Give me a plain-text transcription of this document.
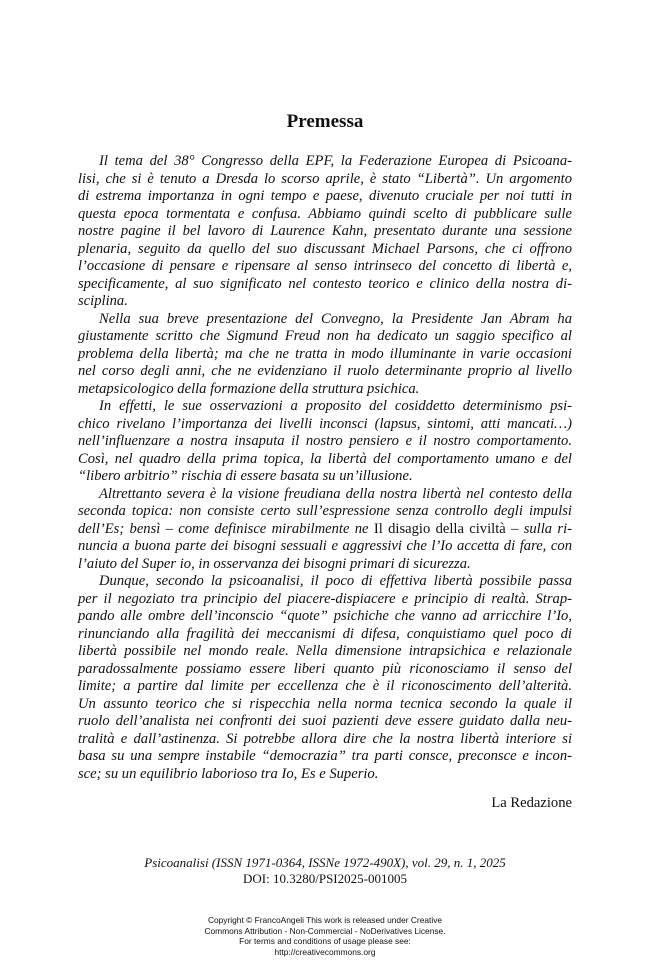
Premessa
Il tema del 38° Congresso della EPF, la Federazione Europea di Psicoana-
lisi, che si è tenuto a Dresda lo scorso aprile, è stato “Libertà”. Un argomento
di estrema importanza in ogni tempo e paese, divenuto cruciale per noi tutti in
questa epoca tormentata e confusa. Abbiamo quindi scelto di pubblicare sulle
nostre pagine il bel lavoro di Laurence Kahn, presentato durante una sessione
plenaria, seguito da quello del suo discussant Michael Parsons, che ci offrono
l’occasione di pensare e ripensare al senso intrinseco del concetto di libertà e,
specificamente, al suo significato nel contesto teorico e clinico della nostra di-
sciplina.
Nella sua breve presentazione del Convegno, la Presidente Jan Abram ha
giustamente scritto che Sigmund Freud non ha dedicato un saggio specifico al
problema della libertà; ma che ne tratta in modo illuminante in varie occasioni
nel corso degli anni, che ne evidenziano il ruolo determinante proprio al livello
metapsicologico della formazione della struttura psichica.
In effetti, le sue osservazioni a proposito del cosiddetto determinismo psi-
chico rivelano l’importanza dei livelli inconsci (lapsus, sintomi, atti mancati…)
nell’influenzare a nostra insaputa il nostro pensiero e il nostro comportamento.
Così, nel quadro della prima topica, la libertà del comportamento umano e del
“libero arbitrio” rischia di essere basata su un’illusione.
Altrettanto severa è la visione freudiana della nostra libertà nel contesto della
seconda topica: non consiste certo sull’espressione senza controllo degli impulsi
dell’Es; bensì – come definisce mirabilmente ne Il disagio della civiltà – sulla ri-
nuncia a buona parte dei bisogni sessuali e aggressivi che l’Io accetta di fare, con
l’aiuto del Super io, in osservanza dei bisogni primari di sicurezza.
Dunque, secondo la psicoanalisi, il poco di effettiva libertà possibile passa
per il negoziato tra principio del piacere-dispiacere e principio di realtà. Strap-
pando alle ombre dell’inconscio “quote” psichiche che vanno ad arricchire l’Io,
rinunciando alla fragilità dei meccanismi di difesa, conquistiamo quel poco di
libertà possibile nel mondo reale. Nella dimensione intrapsichica e relazionale
paradossalmente possiamo essere liberi quanto più riconosciamo il senso del
limite; a partire dal limite per eccellenza che è il riconoscimento dell’alterità.
Un assunto teorico che si rispecchia nella norma tecnica secondo la quale il
ruolo dell’analista nei confronti dei suoi pazienti deve essere guidato dalla neu-
tralità e dall’astinenza. Si potrebbe allora dire che la nostra libertà interiore si
basa su una sempre instabile “democrazia” tra parti consce, preconsce e incon-
sce; su un equilibrio laborioso tra Io, Es e Superio.
La Redazione
Psicoanalisi (ISSN 1971-0364, ISSNe 1972-490X), vol. 29, n. 1, 2025
DOI: 10.3280/PSI2025-001005
Copyright © FrancoAngeli This work is released under Creative
Commons Attribution - Non-Commercial - NoDerivatives License.
For terms and conditions of usage please see:
http://creativecommons.org
